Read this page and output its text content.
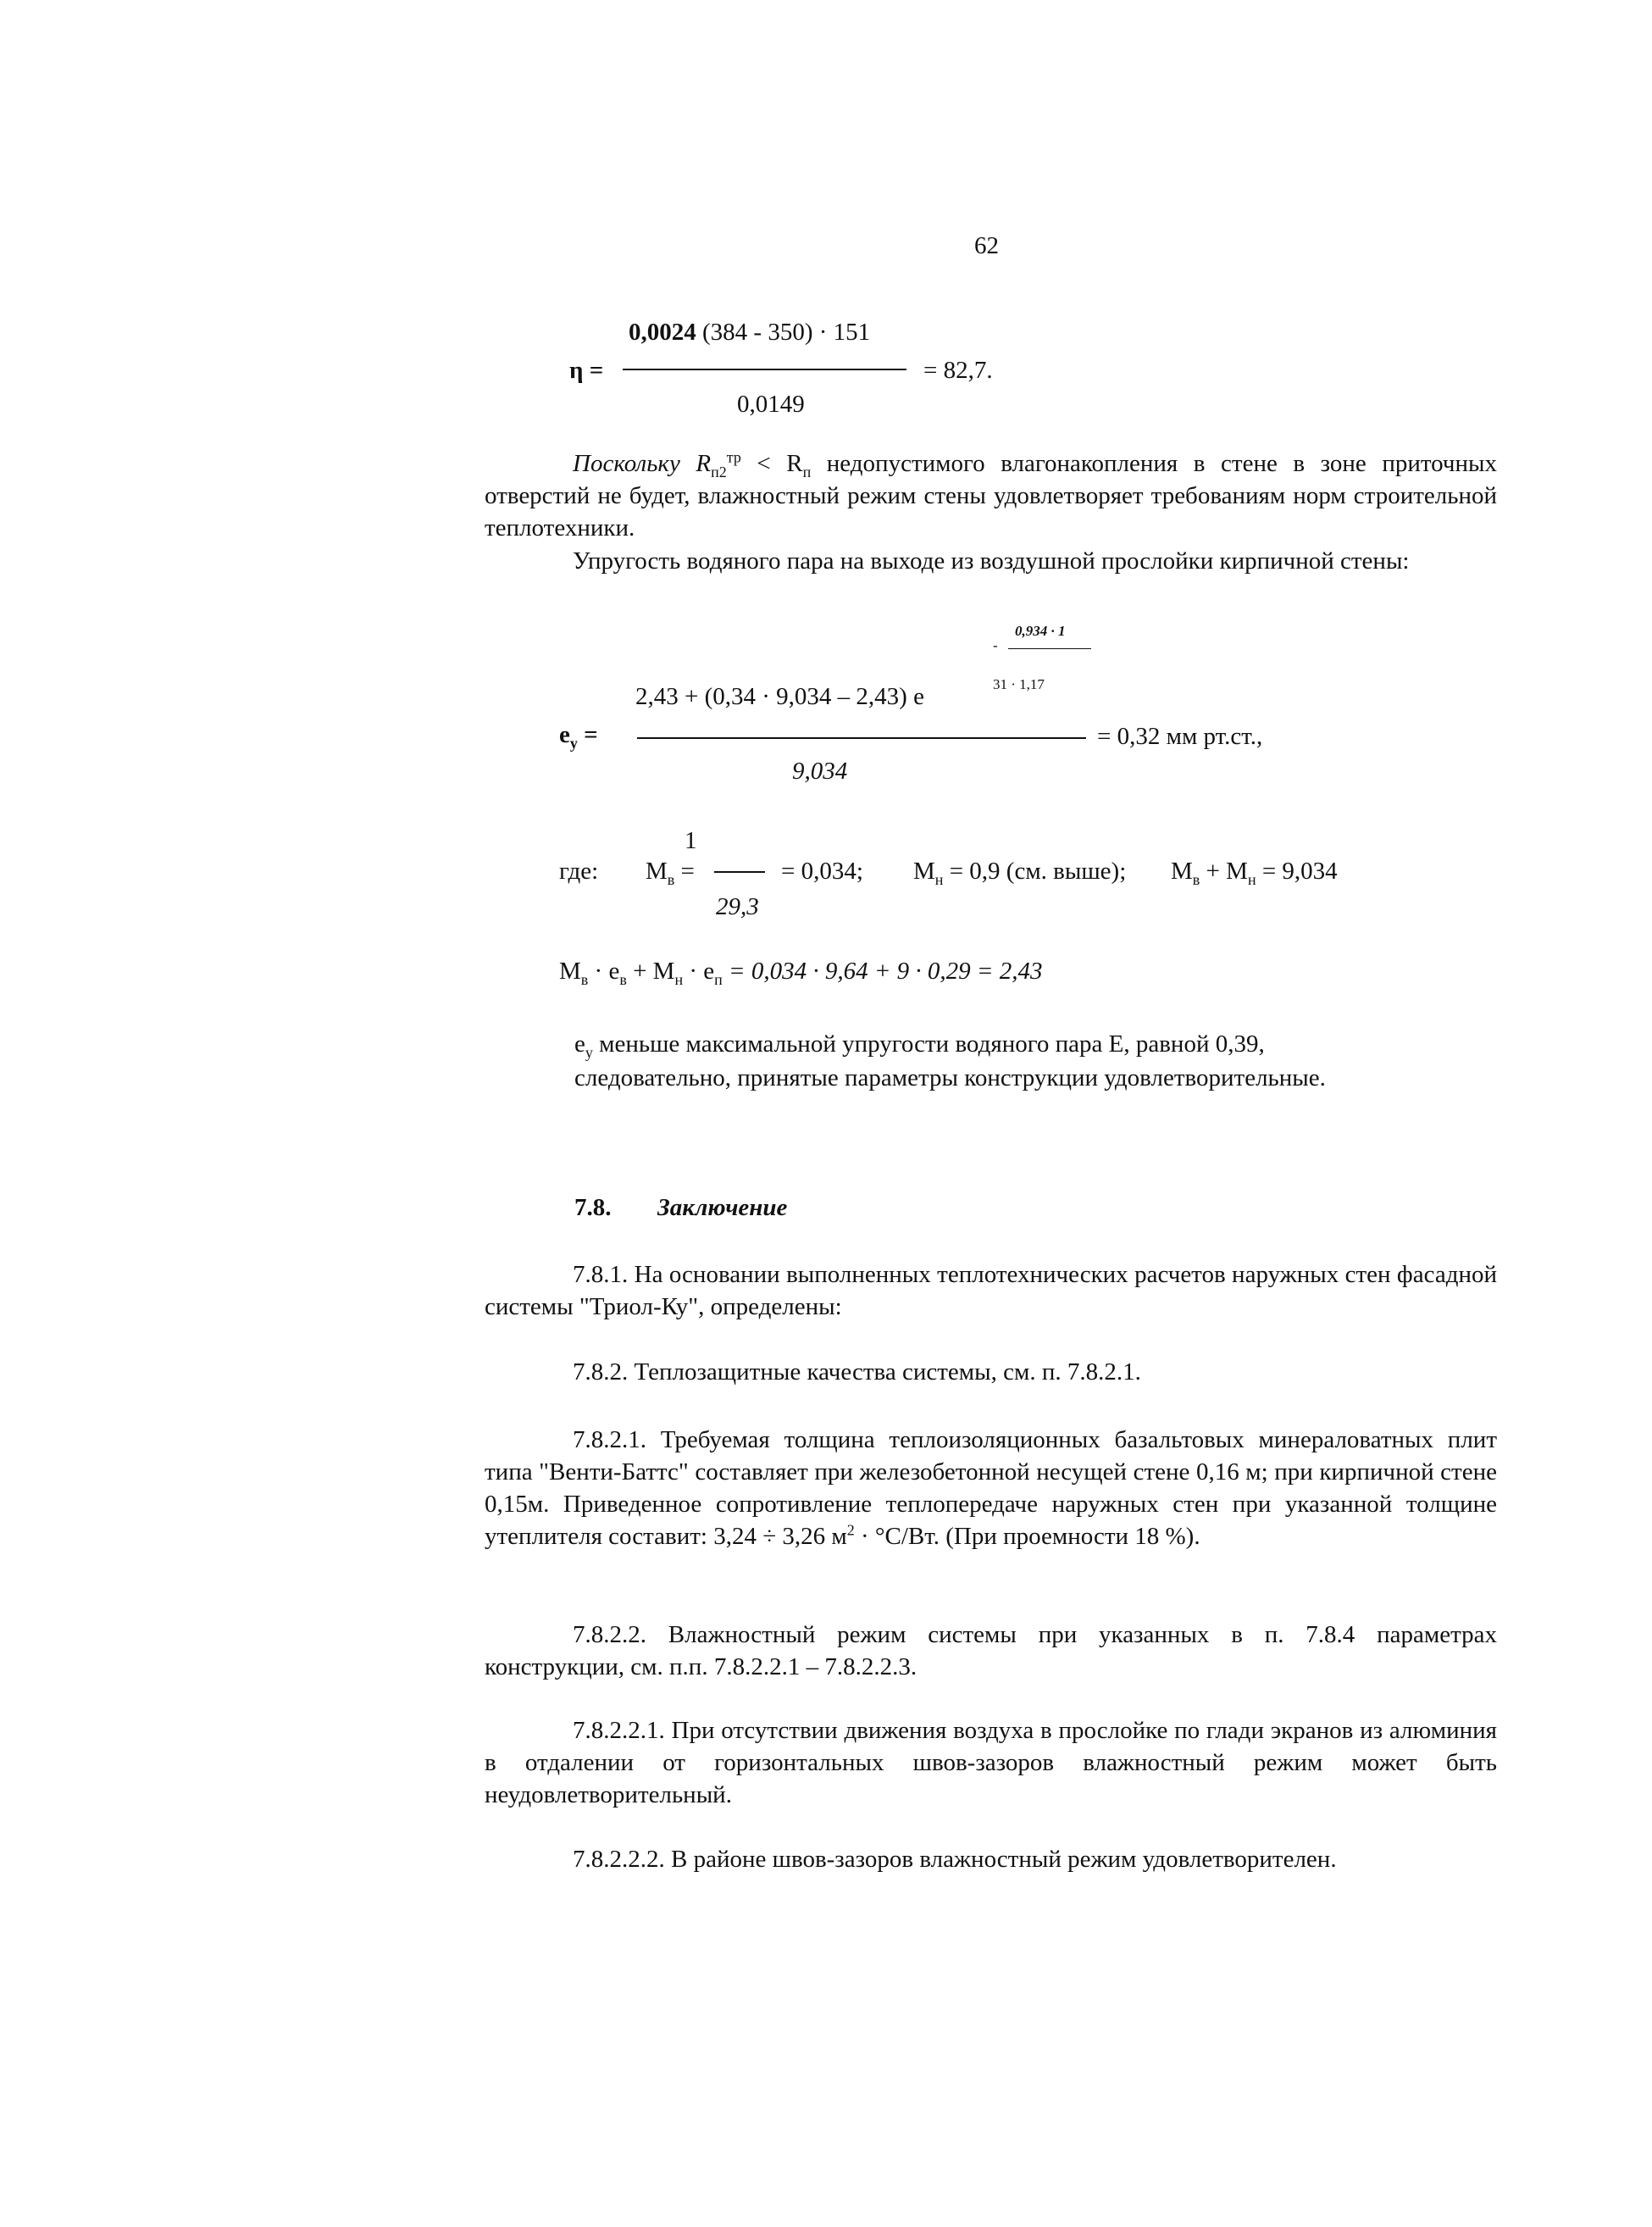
62
0,0024 (384 - 350) · 151
η =	= 82,7.
0,0149
Поскольку $R_{п2}^{тр} < R_п$ недопустимого влагонакопления в стене в зоне приточных отверстий не будет, влажностный режим стены удовлетворяет требованиям норм строительной теплотехники.
Упругость водяного пара на выходе из воздушной прослойки кирпичной стены:
0,934 · 1
-
31 · 1,17
2,43 + (0,34 · 9,034 – 2,43) e
$e_у$ =	= 0,32 мм рт.ст.,
9,034
1
где: $M_в$ =	= 0,034; $M_н = 0,9$ (см. выше); $M_в + M_н = 9,034$
29,3
$M_в \cdot e_в + M_н \cdot e_п = 0,034 \cdot 9,64 + 9 \cdot 0,29 = 2,43$
$e_у$ меньше максимальной упругости водяного пара Е, равной 0,39,
следовательно, принятые параметры конструкции удовлетворительные.
7.8. Заключение
7.8.1. На основании выполненных теплотехнических расчетов наружных стен фасадной системы "Триол-Ку", определены:
7.8.2. Теплозащитные качества системы, см. п. 7.8.2.1.
7.8.2.1. Требуемая толщина теплоизоляционных базальтовых минераловатных плит типа "Венти-Баттс" составляет при железобетонной несущей стене 0,16 м; при кирпичной стене 0,15м. Приведенное сопротивление теплопередаче наружных стен при указанной толщине утеплителя составит: 3,24 ÷ 3,26 $м^2 \cdot ^\circ С/Вт$. (При проемности 18 %).
7.8.2.2. Влажностный режим системы при указанных в п. 7.8.4 параметрах конструкции, см. п.п. 7.8.2.2.1 – 7.8.2.2.3.
7.8.2.2.1. При отсутствии движения воздуха в прослойке по глади экранов из алюминия в отдалении от горизонтальных швов-зазоров влажностный режим может быть неудовлетворительный.
7.8.2.2.2. В районе швов-зазоров влажностный режим удовлетворителен.
